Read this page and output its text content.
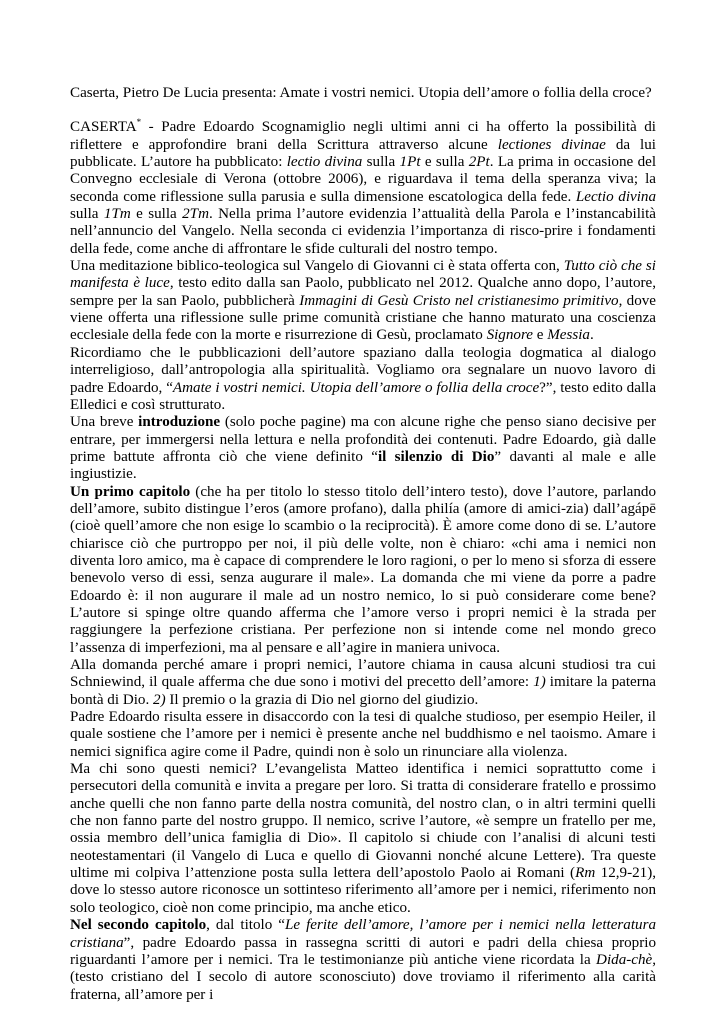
Caserta, Pietro De Lucia presenta: Amate i vostri nemici. Utopia dell’amore o follia della croce?

CASERTA* - Padre Edoardo Scognamiglio negli ultimi anni ci ha offerto la possibilità di riflettere e approfondire brani della Scrittura attraverso alcune lectiones divinae da lui pubblicate. L’autore ha pubblicato: lectio divina sulla 1Pt e sulla 2Pt. La prima in occasione del Convegno ecclesiale di Verona (ottobre 2006), e riguardava il tema della speranza viva; la seconda come riflessione sulla parusia e sulla dimensione escatologica della fede. Lectio divina sulla 1Tm e sulla 2Tm. Nella prima l’autore evidenzia l’attualità della Parola e l’instancabilità nell’annuncio del Vangelo. Nella seconda ci evidenzia l’importanza di risco-prire i fondamenti della fede, come anche di affrontare le sfide culturali del nostro tempo.

Una meditazione biblico-teologica sul Vangelo di Giovanni ci è stata offerta con, Tutto ciò che si manifesta è luce, testo edito dalla san Paolo, pubblicato nel 2012. Qualche anno dopo, l’autore, sempre per la san Paolo, pubblicherà Immagini di Gesù Cristo nel cristianesimo primitivo, dove viene offerta una riflessione sulle prime comunità cristiane che hanno maturato una coscienza ecclesiale della fede con la morte e risurrezione di Gesù, proclamato Signore e Messia.

Ricordiamo che le pubblicazioni dell’autore spaziano dalla teologia dogmatica al dialogo interreligioso, dall’antropologia alla spiritualità. Vogliamo ora segnalare un nuovo lavoro di padre Edoardo, “Amate i vostri nemici. Utopia dell’amore o follia della croce?”, testo edito dalla Elledici e così strutturato.

Una breve introduzione (solo poche pagine) ma con alcune righe che penso siano decisive per entrare, per immergersi nella lettura e nella profondità dei contenuti. Padre Edoardo, già dalle prime battute affronta ciò che viene definito “il silenzio di Dio” davanti al male e alle ingiustizie.

Un primo capitolo (che ha per titolo lo stesso titolo dell’intero testo), dove l’autore, parlando dell’amore, subito distingue l’eros (amore profano), dalla philía (amore di amici-zia) dall’agápē (cioè quell’amore che non esige lo scambio o la reciprocità). È amore come dono di se. L’autore chiarisce ciò che purtroppo per noi, il più delle volte, non è chiaro: «chi ama i nemici non diventa loro amico, ma è capace di comprendere le loro ragioni, o per lo meno si sforza di essere benevolo verso di essi, senza augurare il male». La domanda che mi viene da porre a padre Edoardo è: il non augurare il male ad un nostro nemico, lo si può considerare come bene? L’autore si spinge oltre quando afferma che l’amore verso i propri nemici è la strada per raggiungere la perfezione cristiana. Per perfezione non si intende come nel mondo greco l’assenza di imperfezioni, ma al pensare e all’agire in maniera univoca.

Alla domanda perché amare i propri nemici, l’autore chiama in causa alcuni studiosi tra cui Schniewind, il quale afferma che due sono i motivi del precetto dell’amore: 1) imitare la paterna bontà di Dio. 2) Il premio o la grazia di Dio nel giorno del giudizio.

Padre Edoardo risulta essere in disaccordo con la tesi di qualche studioso, per esempio Heiler, il quale sostiene che l’amore per i nemici è presente anche nel buddhismo e nel taoismo. Amare i nemici significa agire come il Padre, quindi non è solo un rinunciare alla violenza.

Ma chi sono questi nemici? L’evangelista Matteo identifica i nemici soprattutto come i persecutori della comunità e invita a pregare per loro. Si tratta di considerare fratello e prossimo anche quelli che non fanno parte della nostra comunità, del nostro clan, o in altri termini quelli che non fanno parte del nostro gruppo. Il nemico, scrive l’autore, «è sempre un fratello per me, ossia membro dell’unica famiglia di Dio». Il capitolo si chiude con l’analisi di alcuni testi neotestamentari (il Vangelo di Luca e quello di Giovanni nonché alcune Lettere). Tra queste ultime mi colpiva l’attenzione posta sulla lettera dell’apostolo Paolo ai Romani (Rm 12,9-21), dove lo stesso autore riconosce un sottinteso riferimento all’amore per i nemici, riferimento non solo teologico, cioè non come principio, ma anche etico.

Nel secondo capitolo, dal titolo “Le ferite dell’amore, l’amore per i nemici nella letteratura cristiana”, padre Edoardo passa in rassegna scritti di autori e padri della chiesa proprio riguardanti l’amore per i nemici. Tra le testimonianze più antiche viene ricordata la Dida-chè, (testo cristiano del I secolo di autore sconosciuto) dove troviamo il riferimento alla carità fraterna, all’amore per i
